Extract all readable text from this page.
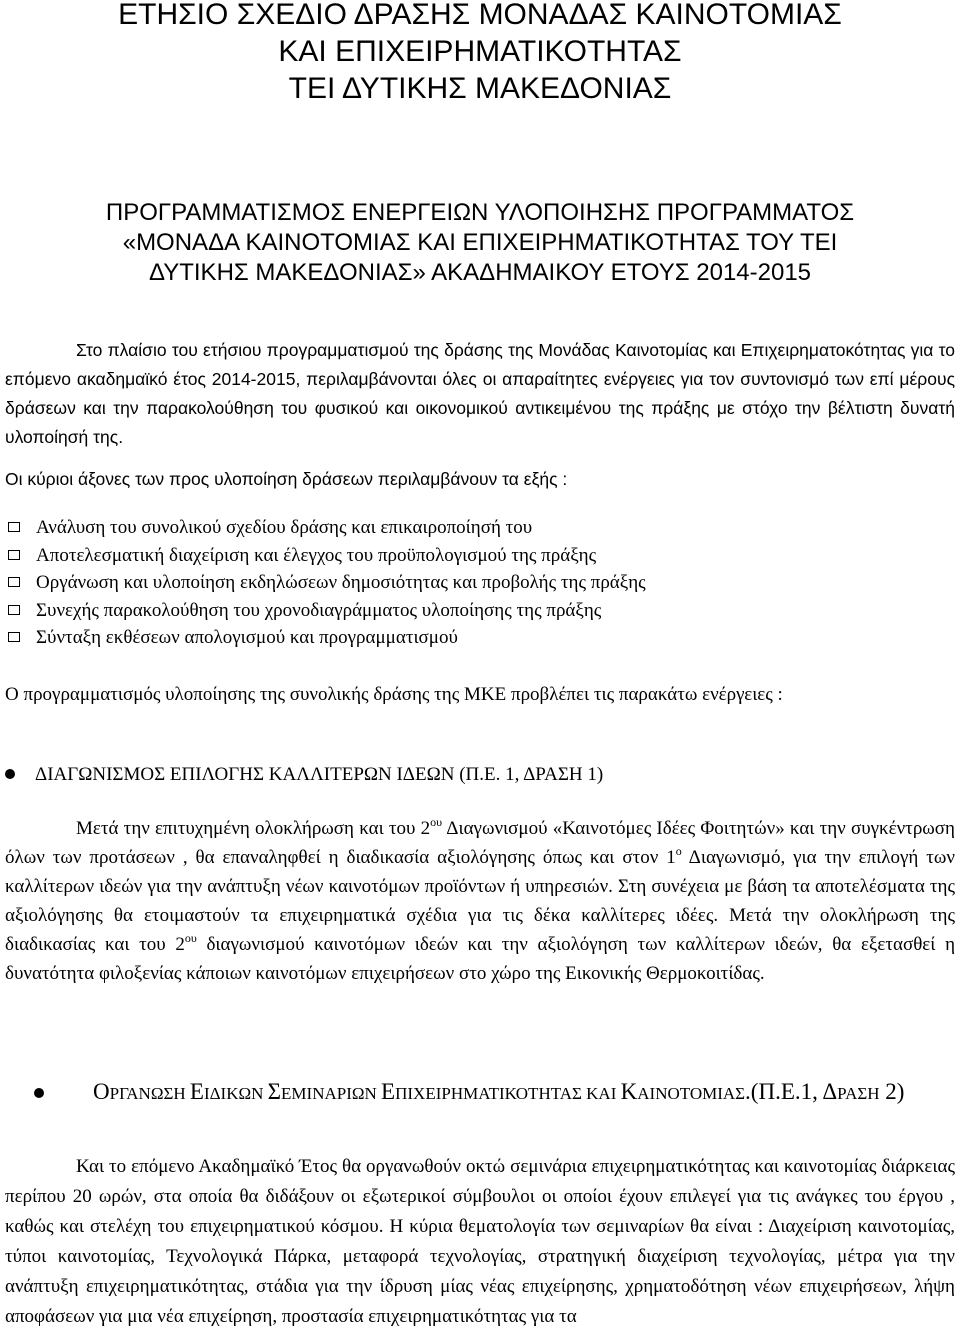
ΕΤΗΣΙΟ ΣΧΕΔΙΟ ΔΡΑΣΗΣ ΜΟΝΑΔΑΣ ΚΑΙΝΟΤΟΜΙΑΣ
ΚΑΙ ΕΠΙΧΕΙΡΗΜΑΤΙΚΟΤΗΤΑΣ
ΤΕΙ ΔΥΤΙΚΗΣ ΜΑΚΕΔΟΝΙΑΣ
ΠΡΟΓΡΑΜΜΑΤΙΣΜΟΣ ΕΝΕΡΓΕΙΩΝ ΥΛΟΠΟΙΗΣΗΣ ΠΡΟΓΡΑΜΜΑΤΟΣ
«ΜΟΝΑΔΑ ΚΑΙΝΟΤΟΜΙΑΣ ΚΑΙ ΕΠΙΧΕΙΡΗΜΑΤΙΚΟΤΗΤΑΣ ΤΟΥ ΤΕΙ
ΔΥΤΙΚΗΣ ΜΑΚΕΔΟΝΙΑΣ» ΑΚΑΔΗΜΑΙΚΟΥ ΕΤΟΥΣ 2014-2015

Στο πλαίσιο του ετήσιου προγραμματισμού της δράσης της Μονάδας Καινοτομίας και Επιχειρηματοκότητας για το επόμενο ακαδημαϊκό έτος 2014-2015, περιλαμβάνονται όλες οι απαραίτητες ενέργειες για τον συντονισμό των επί μέρους δράσεων και την παρακολούθηση του φυσικού και οικονομικού αντικειμένου της πράξης με στόχο την βέλτιστη δυνατή υλοποίησή της.

Οι κύριοι άξονες των προς υλοποίηση δράσεων περιλαμβάνουν τα εξής :

Ανάλυση του συνολικού σχεδίου δράσης και επικαιροποίησή του
Αποτελεσματική διαχείριση και έλεγχος του προϋπολογισμού της πράξης
Οργάνωση και υλοποίηση εκδηλώσεων δημοσιότητας και προβολής της πράξης
Συνεχής παρακολούθηση του χρονοδιαγράμματος υλοποίησης της πράξης
Σύνταξη εκθέσεων απολογισμού και προγραμματισμού

Ο προγραμματισμός υλοποίησης της συνολικής δράσης της ΜΚΕ προβλέπει τις παρακάτω ενέργειες :

ΔΙΑΓΩΝΙΣΜΟΣ ΕΠΙΛΟΓΗΣ ΚΑΛΛΙΤΕΡΩΝ ΙΔΕΩΝ (Π.Ε. 1, ΔΡΑΣΗ 1)

Μετά την επιτυχημένη ολοκλήρωση και του $2^{o\upsilon}$ Διαγωνισμού «Καινοτόμες Ιδέες Φοιτητών» και την συγκέντρωση όλων των προτάσεων , θα επαναληφθεί η διαδικασία αξιολόγησης όπως και στον $1^o$ Διαγωνισμό, για την επιλογή των καλλίτερων ιδεών για την ανάπτυξη νέων καινοτόμων προϊόντων ή υπηρεσιών. Στη συνέχεια με βάση τα αποτελέσματα της αξιολόγησης θα ετοιμαστούν τα επιχειρηματικά σχέδια για τις δέκα καλλίτερες ιδέες. Μετά την ολοκλήρωση της διαδικασίας και του $2^{o\upsilon}$ διαγωνισμού καινοτόμων ιδεών και την αξιολόγηση των καλλίτερων ιδεών, θα εξετασθεί η δυνατότητα φιλοξενίας κάποιων καινοτόμων επιχειρήσεων στο χώρο της Εικονικής Θερμοκοιτίδας.

ΟΡΓΑΝΩΣΗ ΕΙΔΙΚΩΝ ΣΕΜΙΝΑΡΙΩΝ ΕΠΙΧΕΙΡΗΜΑΤΙΚΟΤΗΤΑΣ ΚΑΙ ΚΑΙΝΟΤΟΜΙΑΣ.(Π.Ε.1, ΔΡΑΣΗ 2)

Και το επόμενο Ακαδημαϊκό Έτος θα οργανωθούν οκτώ σεμινάρια επιχειρηματικότητας και καινοτομίας διάρκειας περίπου 20 ωρών, στα οποία θα διδάξουν οι εξωτερικοί σύμβουλοι οι οποίοι έχουν επιλεγεί για τις ανάγκες του έργου , καθώς και στελέχη του επιχειρηματικού κόσμου. Η κύρια θεματολογία των σεμιναρίων θα είναι : Διαχείριση καινοτομίας, τύποι καινοτομίας, Τεχνολογικά Πάρκα, μεταφορά τεχνολογίας, στρατηγική διαχείριση τεχνολογίας, μέτρα για την ανάπτυξη επιχειρηματικότητας, στάδια για την ίδρυση μίας νέας επιχείρησης, χρηματοδότηση νέων επιχειρήσεων, λήψη αποφάσεων για μια νέα επιχείρηση, προστασία επιχειρηματικότητας για τα
